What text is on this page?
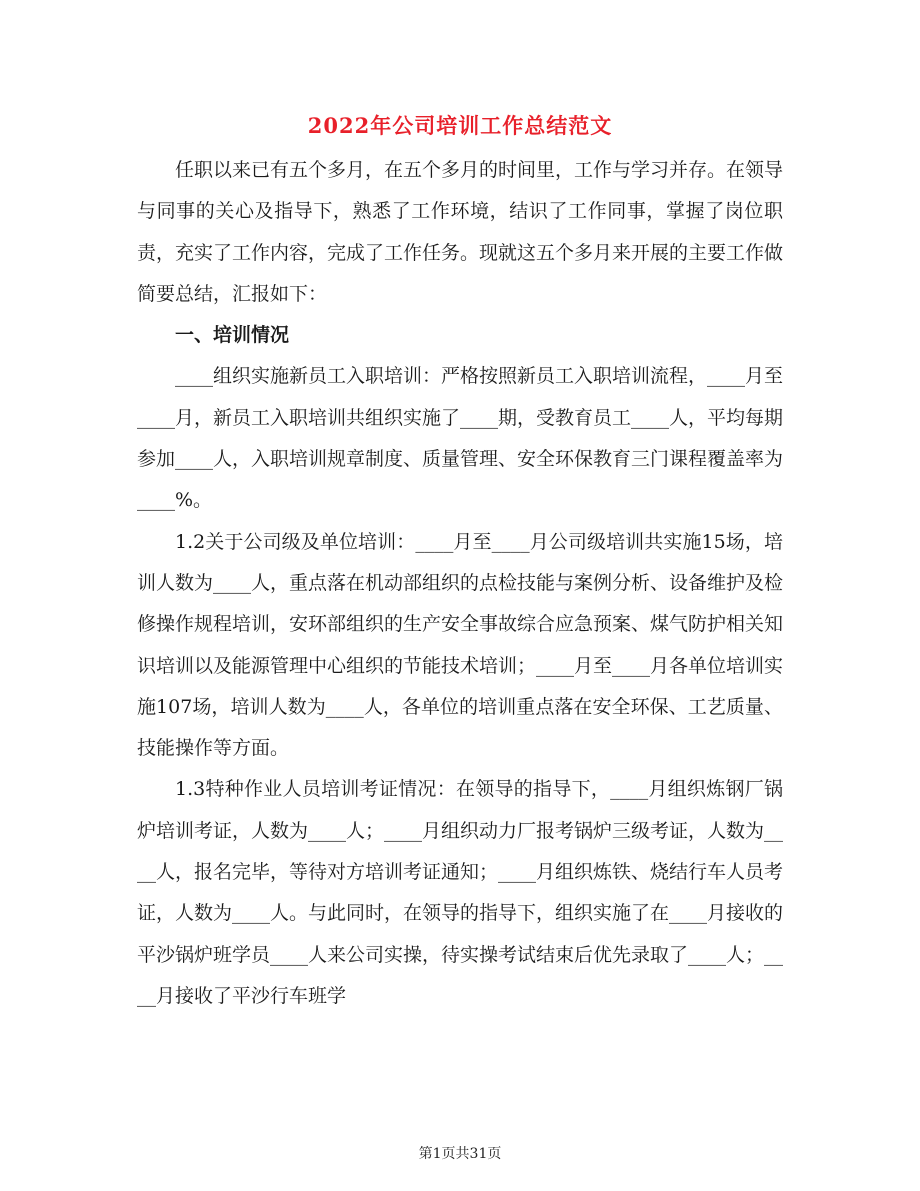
2022年公司培训工作总结范文

任职以来已有五个多月，在五个多月的时间里，工作与学习并存。在领导与同事的关心及指导下，熟悉了工作环境，结识了工作同事，掌握了岗位职责，充实了工作内容，完成了工作任务。现就这五个多月来开展的主要工作做简要总结，汇报如下：

一、培训情况

____组织实施新员工入职培训：严格按照新员工入职培训流程，____月至____月，新员工入职培训共组织实施了____期，受教育员工____人，平均每期参加____人，入职培训规章制度、质量管理、安全环保教育三门课程覆盖率为____%。

1.2关于公司级及单位培训：____月至____月公司级培训共实施15场，培训人数为____人，重点落在机动部组织的点检技能与案例分析、设备维护及检修操作规程培训，安环部组织的生产安全事故综合应急预案、煤气防护相关知识培训以及能源管理中心组织的节能技术培训；____月至____月各单位培训实施107场，培训人数为____人，各单位的培训重点落在安全环保、工艺质量、技能操作等方面。

1.3特种作业人员培训考证情况：在领导的指导下，____月组织炼钢厂锅炉培训考证，人数为____人；____月组织动力厂报考锅炉三级考证，人数为____人，报名完毕，等待对方培训考证通知；____月组织炼铁、烧结行车人员考证，人数为____人。与此同时，在领导的指导下，组织实施了在____月接收的平沙锅炉班学员____人来公司实操，待实操考试结束后优先录取了____人；____月接收了平沙行车班学

第1页共31页
